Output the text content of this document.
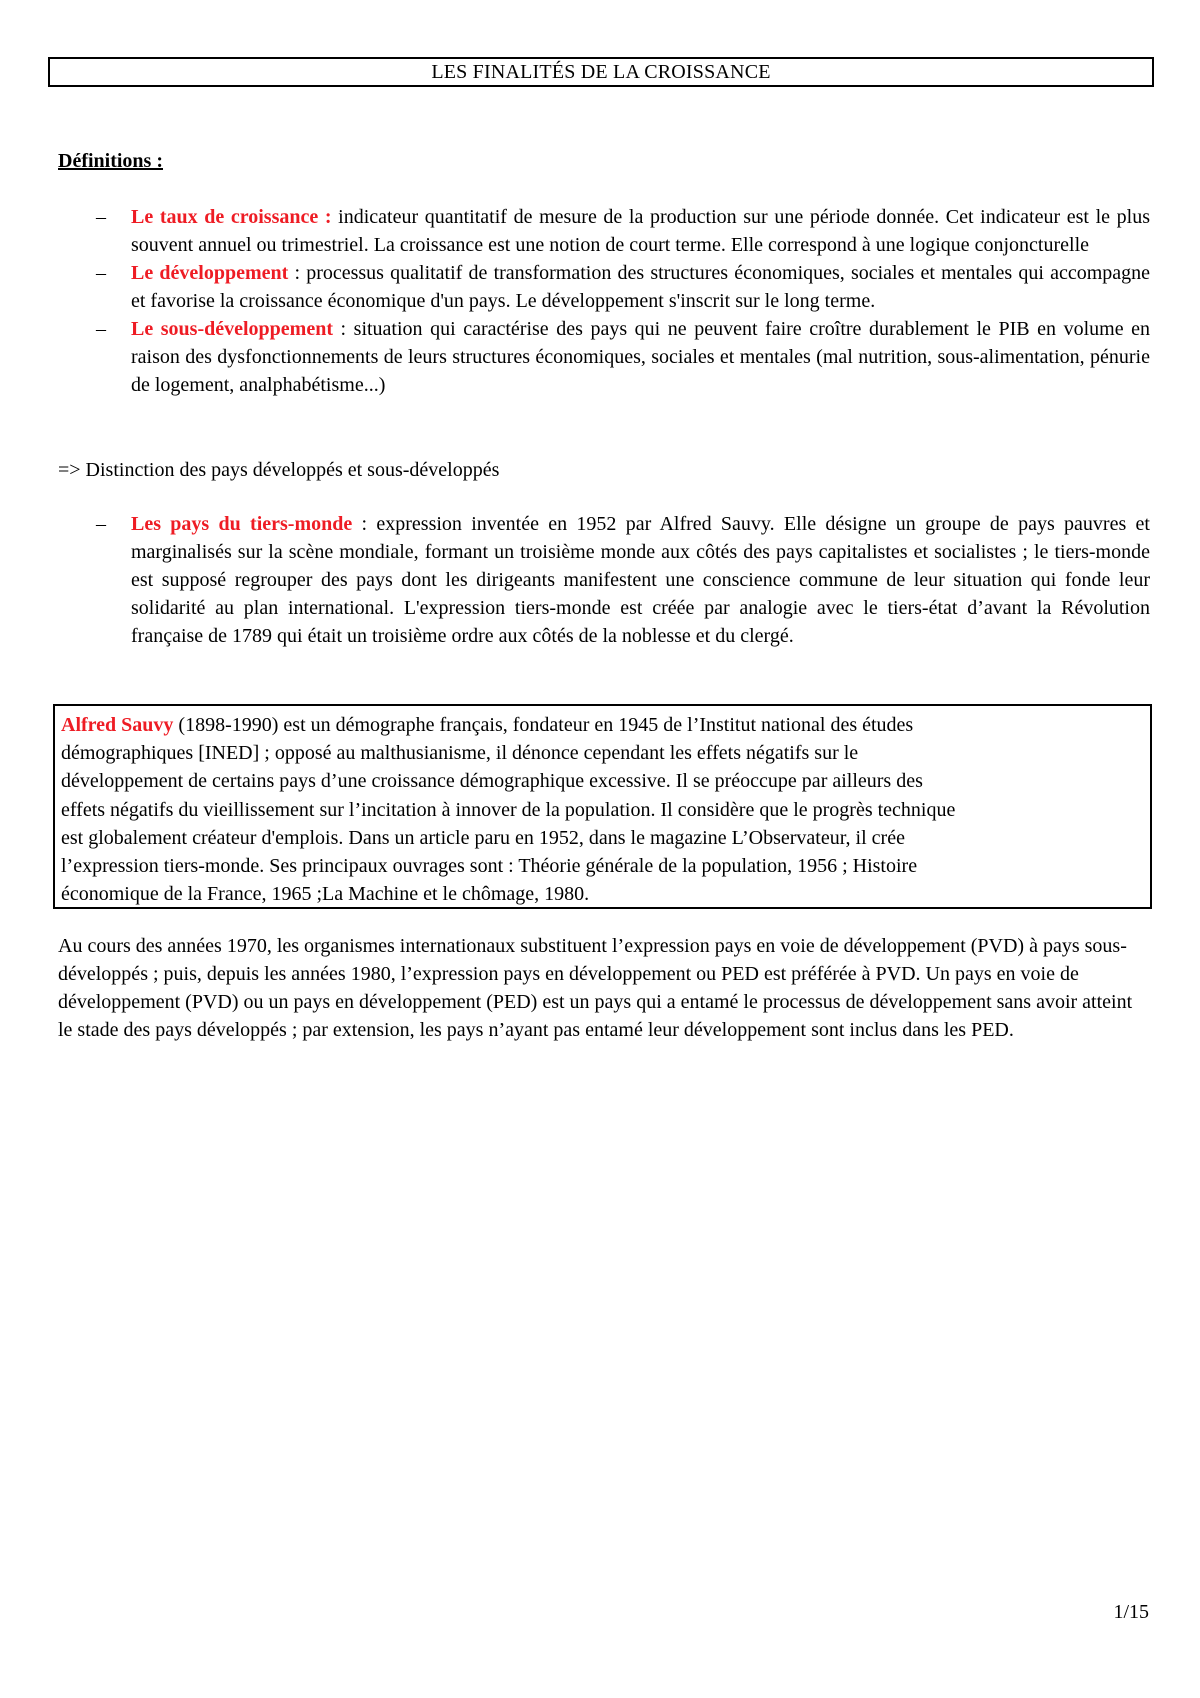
LES FINALITÉS DE LA CROISSANCE
Définitions :
– Le taux de croissance : indicateur quantitatif de mesure de la production sur une période donnée. Cet indicateur est le plus souvent annuel ou trimestriel. La croissance est une notion de court terme. Elle correspond à une logique conjoncturelle
– Le développement : processus qualitatif de transformation des structures économiques, sociales et mentales qui accompagne et favorise la croissance économique d'un pays. Le développement s'inscrit sur le long terme.
– Le sous-développement : situation qui caractérise des pays qui ne peuvent faire croître durablement le PIB en volume en raison des dysfonctionnements de leurs structures économiques, sociales et mentales (mal nutrition, sous-alimentation, pénurie de logement, analphabétisme...)
=> Distinction des pays développés et sous-développés
– Les pays du tiers-monde : expression inventée en 1952 par Alfred Sauvy. Elle désigne un groupe de pays pauvres et marginalisés sur la scène mondiale, formant un troisième monde aux côtés des pays capitalistes et socialistes ; le tiers-monde est supposé regrouper des pays dont les dirigeants manifestent une conscience commune de leur situation qui fonde leur solidarité au plan international. L'expression tiers-monde est créée par analogie avec le tiers-état d’avant la Révolution française de 1789 qui était un troisième ordre aux côtés de la noblesse et du clergé.
Alfred Sauvy (1898-1990) est un démographe français, fondateur en 1945 de l’Institut national des études
démographiques [INED] ; opposé au malthusianisme, il dénonce cependant les effets négatifs sur le
développement de certains pays d’une croissance démographique excessive. Il se préoccupe par ailleurs des
effets négatifs du vieillissement sur l’incitation à innover de la population. Il considère que le progrès technique
est globalement créateur d'emplois. Dans un article paru en 1952, dans le magazine L’Observateur, il crée
l’expression tiers-monde. Ses principaux ouvrages sont : Théorie générale de la population, 1956 ; Histoire
économique de la France, 1965 ;La Machine et le chômage, 1980.

Au cours des années 1970, les organismes internationaux substituent l’expression pays en voie de développement (PVD) à pays sous-développés ; puis, depuis les années 1980, l’expression pays en développement ou PED est préférée à PVD. Un pays en voie de développement (PVD) ou un pays en développement (PED) est un pays qui a entamé le processus de développement sans avoir atteint le stade des pays développés ; par extension, les pays n’ayant pas entamé leur développement sont inclus dans les PED.

1/15
